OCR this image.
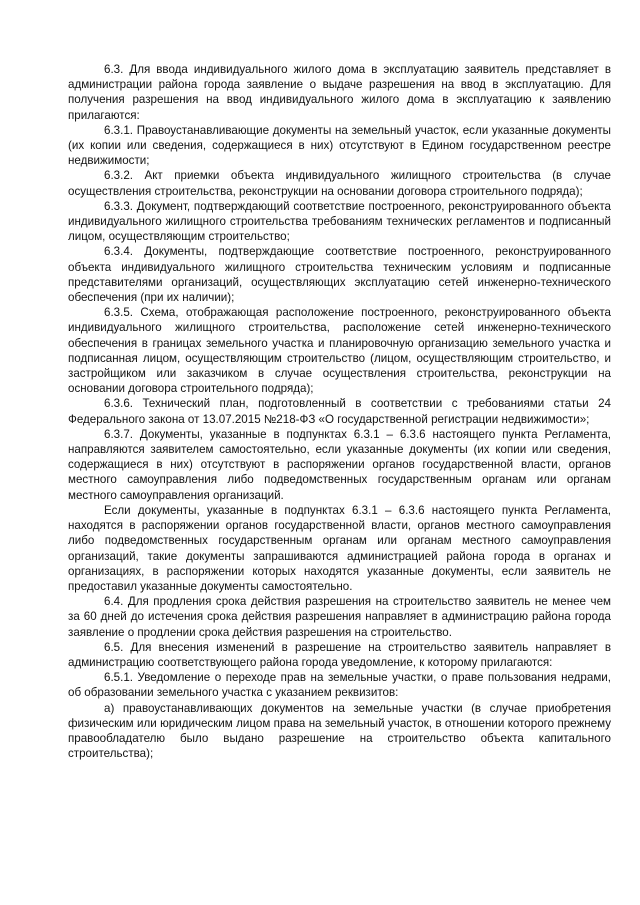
6.3. Для ввода индивидуального жилого дома в эксплуатацию заявитель представляет в администрации района города заявление о выдаче разрешения на ввод в эксплуатацию. Для получения разрешения на ввод индивидуального жилого дома в эксплуатацию к заявлению прилагаются:

6.3.1. Правоустанавливающие документы на земельный участок, если указанные документы (их копии или сведения, содержащиеся в них) отсутствуют в Едином государственном реестре недвижимости;

6.3.2. Акт приемки объекта индивидуального жилищного строительства (в случае осуществления строительства, реконструкции на основании договора строительного подряда);

6.3.3. Документ, подтверждающий соответствие построенного, реконструированного объекта индивидуального жилищного строительства требованиям технических регламентов и подписанный лицом, осуществляющим строительство;

6.3.4. Документы, подтверждающие соответствие построенного, реконструированного объекта индивидуального жилищного строительства техническим условиям и подписанные представителями организаций, осуществляющих эксплуатацию сетей инженерно-технического обеспечения (при их наличии);

6.3.5. Схема, отображающая расположение построенного, реконструированного объекта индивидуального жилищного строительства, расположение сетей инженерно-технического обеспечения в границах земельного участка и планировочную организацию земельного участка и подписанная лицом, осуществляющим строительство (лицом, осуществляющим строительство, и застройщиком или заказчиком в случае осуществления строительства, реконструкции на основании договора строительного подряда);

6.3.6. Технический план, подготовленный в соответствии с требованиями статьи 24 Федерального закона от 13.07.2015 №218-ФЗ «О государственной регистрации недвижимости»;

6.3.7. Документы, указанные в подпунктах 6.3.1 – 6.3.6 настоящего пункта Регламента, направляются заявителем самостоятельно, если указанные документы (их копии или сведения, содержащиеся в них) отсутствуют в распоряжении органов государственной власти, органов местного самоуправления либо подведомственных государственным органам или органам местного самоуправления организаций.

Если документы, указанные в подпунктах 6.3.1 – 6.3.6 настоящего пункта Регламента, находятся в распоряжении органов государственной власти, органов местного самоуправления либо подведомственных государственным органам или органам местного самоуправления организаций, такие документы запрашиваются администрацией района города в органах и организациях, в распоряжении которых находятся указанные документы, если заявитель не предоставил указанные документы самостоятельно.

6.4. Для продления срока действия разрешения на строительство заявитель не менее чем за 60 дней до истечения срока действия разрешения направляет в администрацию района города заявление о продлении срока действия разрешения на строительство.

6.5. Для внесения изменений в разрешение на строительство заявитель направляет в администрацию соответствующего района города уведомление, к которому прилагаются:

6.5.1. Уведомление о переходе прав на земельные участки, о праве пользования недрами, об образовании земельного участка с указанием реквизитов:

а) правоустанавливающих документов на земельные участки (в случае приобретения физическим или юридическим лицом права на земельный участок, в отношении которого прежнему правообладателю было выдано разрешение на строительство объекта капитального строительства);
